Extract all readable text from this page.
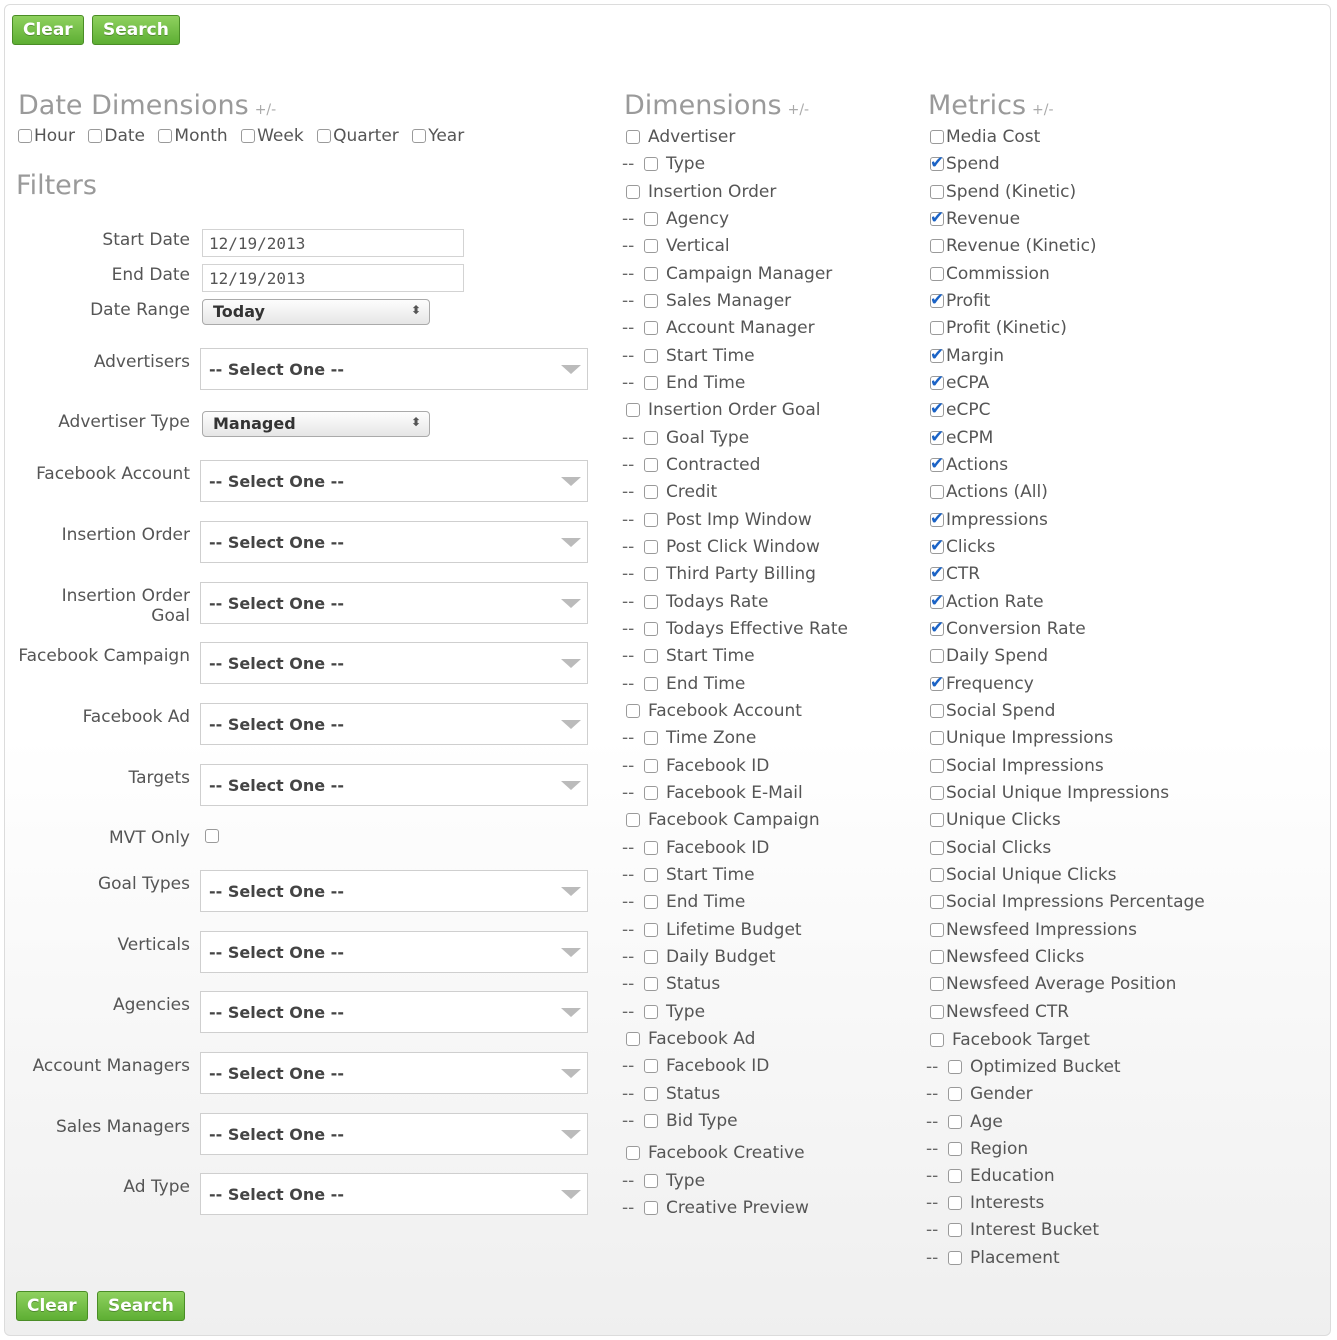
Clear	Search
Date Dimensions +/-
Hour Date Month Week Quarter Year
Filters
Start Date
12/19/2013
End Date
12/19/2013
Date Range	Today	⬍
Advertiser Type	Managed	⬍
MVT Only
Advertisers	-- Select One --
Facebook Account	-- Select One --
Insertion Order	-- Select One --
Insertion Order Goal
-- Select One --
Facebook Campaign	-- Select One --
Facebook Ad	-- Select One --
Targets	-- Select One --
Goal Types	-- Select One --
Verticals	-- Select One --
Agencies	-- Select One --
Account Managers	-- Select One --
Sales Managers	-- Select One --
Ad Type	-- Select One --
Dimensions +/-
Advertiser
-- Type
Insertion Order
-- Agency
-- Vertical
-- Campaign Manager
-- Sales Manager
-- Account Manager
-- Start Time
-- End Time
Insertion Order Goal
-- Goal Type
-- Contracted
-- Credit
-- Post Imp Window
-- Post Click Window
-- Third Party Billing
-- Todays Rate
-- Todays Effective Rate
-- Start Time
-- End Time
Facebook Account
-- Time Zone
-- Facebook ID
-- Facebook E-Mail
Facebook Campaign
-- Facebook ID
-- Start Time
-- End Time
-- Lifetime Budget
-- Daily Budget
-- Status
-- Type
Facebook Ad
-- Facebook ID
-- Status
-- Bid Type
Facebook Creative
-- Type
-- Creative Preview
Metrics +/-
Media Cost
✔Spend
Spend (Kinetic)
✔Revenue
Revenue (Kinetic)
Commission
✔Profit
Profit (Kinetic)
✔Margin
✔eCPA
✔eCPC
✔eCPM
✔Actions
Actions (All)
✔Impressions
✔Clicks
✔CTR
✔Action Rate
✔Conversion Rate
Daily Spend
✔Frequency
Social Spend
Unique Impressions
Social Impressions
Social Unique Impressions
Unique Clicks
Social Clicks
Social Unique Clicks
Social Impressions Percentage
Newsfeed Impressions
Newsfeed Clicks
Newsfeed Average Position
Newsfeed CTR
Facebook Target
-- Optimized Bucket
-- Gender
-- Age
-- Region
-- Education
-- Interests
-- Interest Bucket
-- Placement
Clear	Search
